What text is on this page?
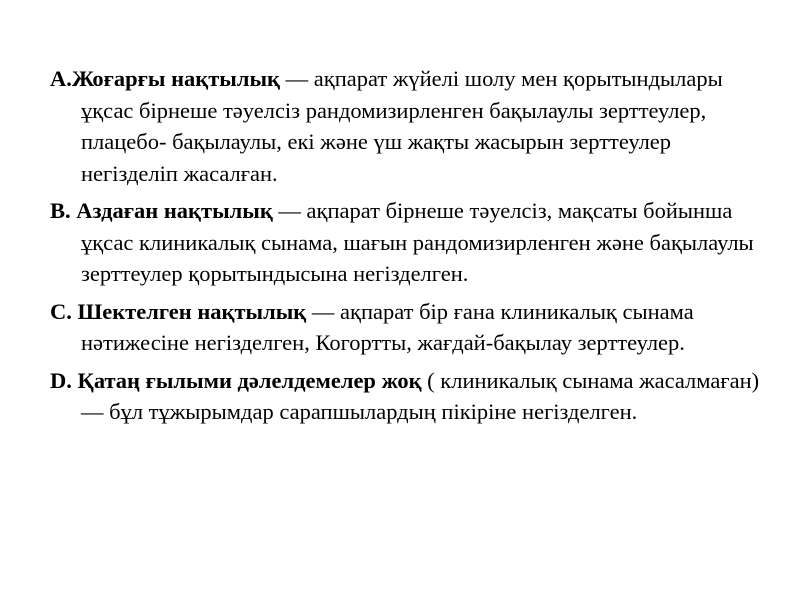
A.Жоғарғы нақтылық — ақпарат жүйелі шолу мен қорытындылары ұқсас бірнеше тәуелсіз рандомизирленген бақылаулы зерттеулер, плацебо- бақылаулы, екі және үш жақты жасырын зерттеулер негізделіп жасалған.
B. Аздаған нақтылық — ақпарат бірнеше тәуелсіз, мақсаты бойынша ұқсас клиникалық сынама, шағын рандомизирленген және бақылаулы зерттеулер қорытындысына негізделген.
C. Шектелген нақтылық — ақпарат бір ғана клиникалық сынама нәтижесіне негізделген, Когортты, жағдай-бақылау зерттеулер.
D. Қатаң ғылыми дәлелдемелер жоқ ( клиникалық сынама жасалмаған)— бұл тұжырымдар сарапшылардың пікіріне негізделген.
